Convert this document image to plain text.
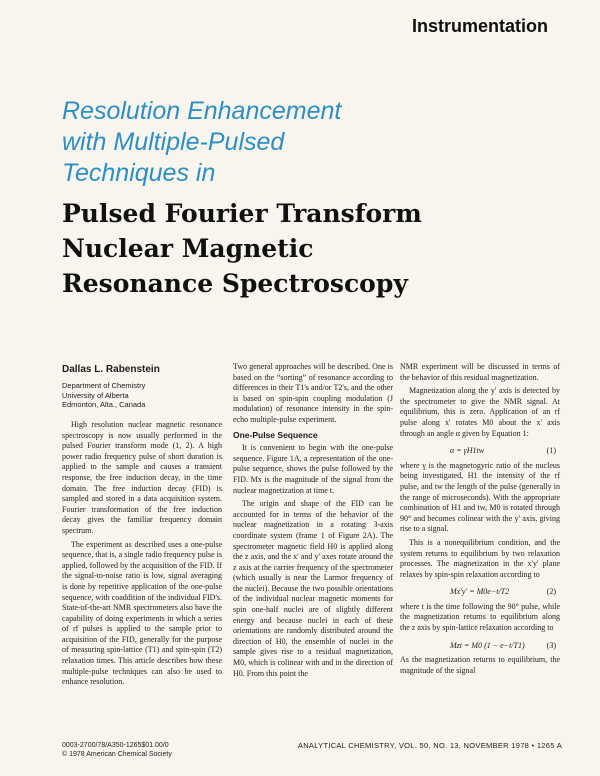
Instrumentation
Resolution Enhancement
with Multiple-Pulsed
Techniques in
Pulsed Fourier Transform
Nuclear Magnetic
Resonance Spectroscopy
Dallas L. Rabenstein
Department of Chemistry
University of Alberta
Edmonton, Alta., Canada

High resolution nuclear magnetic resonance spectroscopy is now usually performed in the pulsed Fourier transform mode (1, 2). A high power radio frequency pulse of short duration is applied to the sample and causes a transient response, the free induction decay, in the time domain. The free induction decay (FID) is sampled and stored in a data acquisition system. Fourier transformation of the free induction decay gives the familiar frequency domain spectrum.

The experiment as described uses a one-pulse sequence, that is, a single radio frequency pulse is applied, followed by the acquisition of the FID. If the signal-to-noise ratio is low, signal averaging is done by repetitive application of the one-pulse sequence, with coaddition of the individual FID's. State-of-the-art NMR spectrometers also have the capability of doing experiments in which a series of rf pulses is applied to the sample prior to acquisition of the FID, generally for the purpose of measuring spin-lattice (T1) and spin-spin (T2) relaxation times. This article describes how these multiple-pulse techniques can also be used to enhance resolution.

Two general approaches will be described. One is based on the “sorting” of resonance according to differences in their T1's and/or T2's, and the other is based on spin-spin coupling modulation (J modulation) of resonance intensity in the spin-echo multiple-pulse experiment.

One-Pulse Sequence

It is convenient to begin with the one-pulse sequence. Figure 1A, a representation of the one-pulse sequence, shows the pulse followed by the FID. Mx is the magnitude of the signal from the nuclear magnetization at time t.

The origin and shape of the FID can be accounted for in terms of the behavior of the nuclear magnetization in a rotating 3-axis coordinate system (frame 1 of Figure 2A). The spectrometer magnetic field H0 is applied along the z axis, and the x' and y' axes rotate around the z axis at the carrier frequency of the spectrometer (which usually is near the Larmor frequency of the nuclei). Because the two possible orientations of the individual nuclear magnetic moments for spin one-half nuclei are of slightly different energy and because nuclei in each of these orientations are randomly distributed around the direction of H0, the ensemble of nuclei in the sample gives rise to a residual magnetization, M0, which is colinear with and in the direction of H0. From this point the

NMR experiment will be discussed in terms of the behavior of this residual magnetization.

Magnetization along the y' axis is detected by the spectrometer to give the NMR signal. At equilibrium, this is zero. Application of an rf pulse along x' rotates M0 about the x' axis through an angle α given by Equation 1:

α = γH1tw	(1)

where γ is the magnetogyric ratio of the nucleus being investigated, H1 the intensity of the rf pulse, and tw the length of the pulse (generally in the range of microseconds). With the appropriate combination of H1 and tw, M0 is rotated through 90° and becomes colinear with the y' axis, giving rise to a signal.

This is a nonequilibrium condition, and the system returns to equilibrium by two relaxation processes. The magnetization in the x'y' plane relaxes by spin-spin relaxation according to

Mx'y' = M0e−t/T2	(2)

where t is the time following the 90° pulse, while the magnetization returns to equilibrium along the z axis by spin-lattice relaxation according to

Mzt = M0 (1 − e−t/T1)	(3)

As the magnetization returns to equilibrium, the magnitude of the signal

0003-2700/78/A350-1265$01.00/0
© 1978 American Chemical Society
ANALYTICAL CHEMISTRY, VOL. 50, NO. 13, NOVEMBER 1978 • 1265 A
